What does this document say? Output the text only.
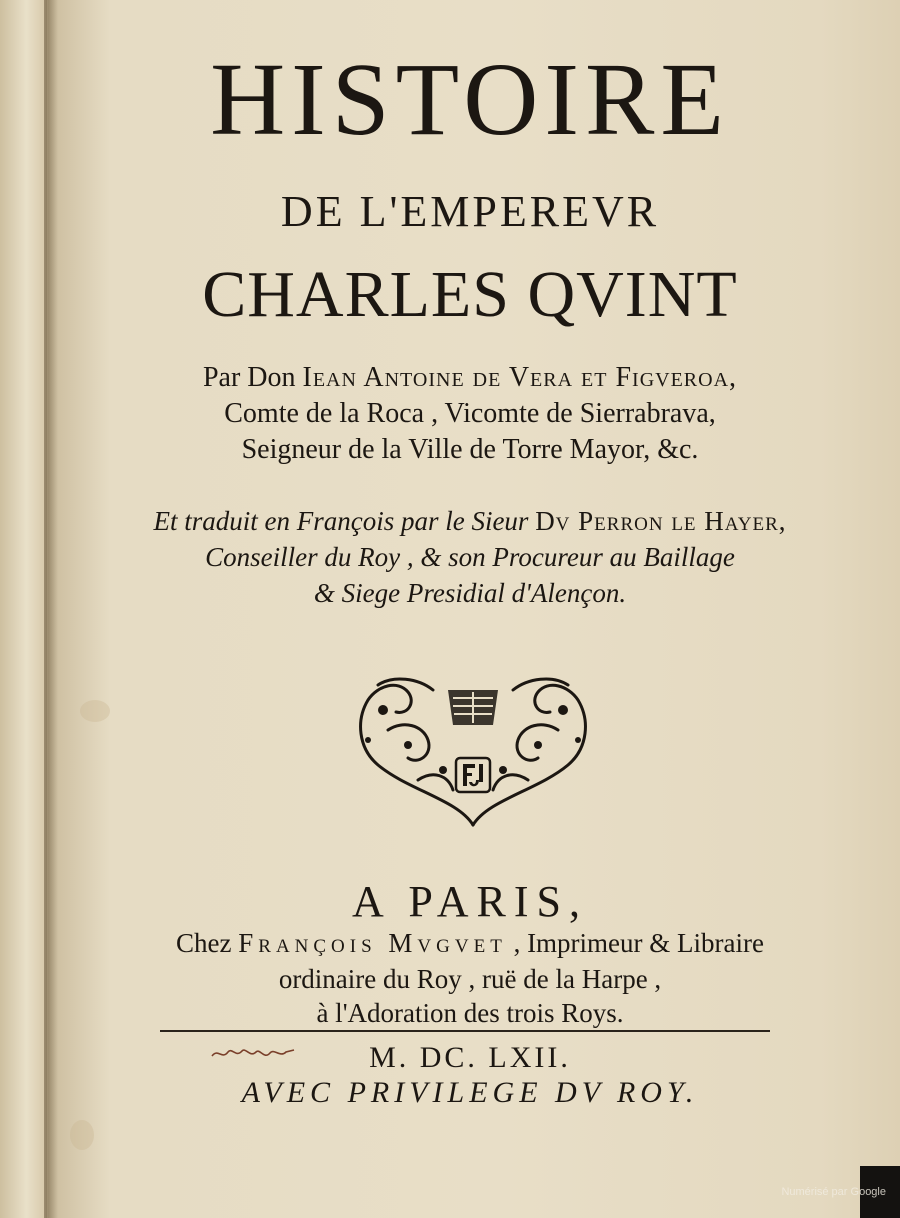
HISTOIRE
DE L'EMPEREVR
CHARLES QVINT
Par Don Iean Antoine de Vera et Figveroa,
Comte de la Roca , Vicomte de Sierrabrava,
Seigneur de la Ville de Torre Mayor, &c.
Et traduit en François par le Sieur Dv Perron le Hayer,
Conseiller du Roy , & son Procureur au Baillage
& Siege Presidial d'Alençon.
A PARIS,
Chez François Mvgvet , Imprimeur & Libraire
ordinaire du Roy , ruë de la Harpe ,
à l'Adoration des trois Roys.
M. DC. LXII.
AVEC PRIVILEGE DV ROY.
Numérisé par Google
